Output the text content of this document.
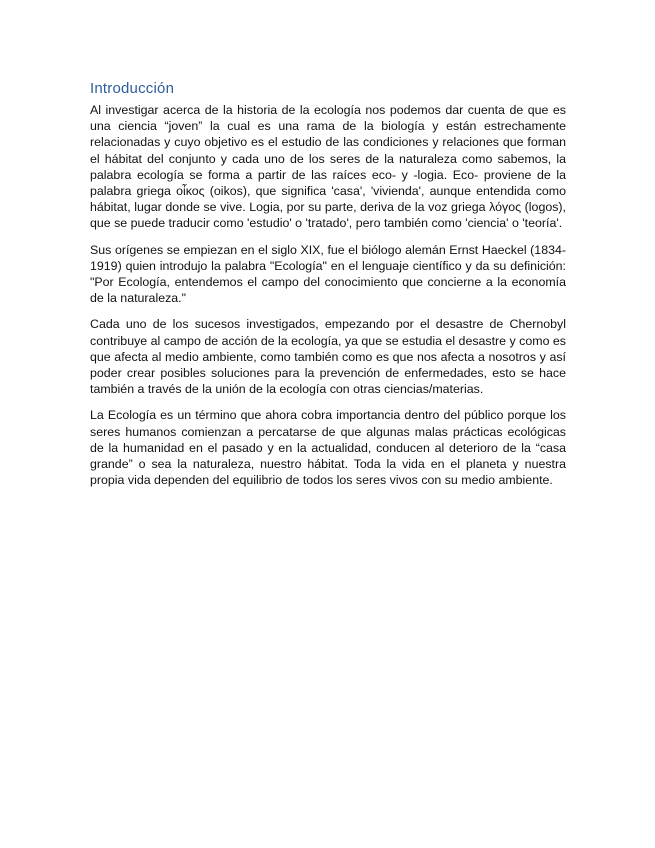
Introducción

Al investigar acerca de la historia de la ecología nos podemos dar cuenta de que es una ciencia “joven” la cual es una rama de la biología y están estrechamente relacionadas y cuyo objetivo es el estudio de las condiciones y relaciones que forman el hábitat del conjunto y cada uno de los seres de la naturaleza como sabemos, la palabra ecología se forma a partir de las raíces eco- y -logia. Eco- proviene de la palabra griega οἶκος (oikos), que significa 'casa', 'vivienda', aunque entendida como hábitat, lugar donde se vive. Logia, por su parte, deriva de la voz griega λόγος (logos), que se puede traducir como 'estudio' o 'tratado', pero también como 'ciencia' o 'teoría'.

Sus orígenes se empiezan en el siglo XIX, fue el biólogo alemán Ernst Haeckel (1834-1919) quien introdujo la palabra "Ecología" en el lenguaje científico y da su definición: "Por Ecología, entendemos el campo del conocimiento que concierne a la economía de la naturaleza."

Cada uno de los sucesos investigados, empezando por el desastre de Chernobyl contribuye al campo de acción de la ecología, ya que se estudia el desastre y como es que afecta al medio ambiente, como también como es que nos afecta a nosotros y así poder crear posibles soluciones para la prevención de enfermedades, esto se hace también a través de la unión de la ecología con otras ciencias/materias.

La Ecología es un término que ahora cobra importancia dentro del público porque los seres humanos comienzan a percatarse de que algunas malas prácticas ecológicas de la humanidad en el pasado y en la actualidad, conducen al deterioro de la “casa grande” o sea la naturaleza, nuestro hábitat. Toda la vida en el planeta y nuestra propia vida dependen del equilibrio de todos los seres vivos con su medio ambiente.
